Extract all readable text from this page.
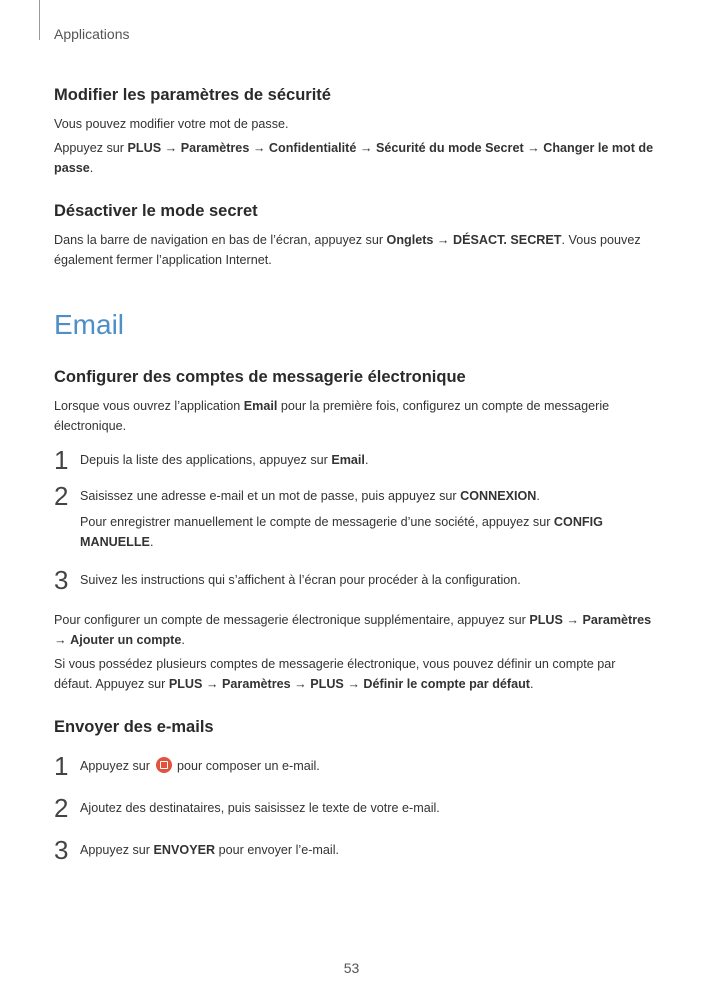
Applications
Modifier les paramètres de sécurité

Vous pouvez modifier votre mot de passe.

Appuyez sur PLUS → Paramètres → Confidentialité → Sécurité du mode Secret → Changer le mot de passe.

Désactiver le mode secret

Dans la barre de navigation en bas de l’écran, appuyez sur Onglets → DÉSACT. SECRET. Vous pouvez également fermer l’application Internet.

Email
Configurer des comptes de messagerie électronique

Lorsque vous ouvrez l’application Email pour la première fois, configurez un compte de messagerie électronique.

1 Depuis la liste des applications, appuyez sur Email.

2 Saisissez une adresse e-mail et un mot de passe, puis appuyez sur CONNEXION.

Pour enregistrer manuellement le compte de messagerie d’une société, appuyez sur CONFIG MANUELLE.

3 Suivez les instructions qui s’affichent à l’écran pour procéder à la configuration.

Pour configurer un compte de messagerie électronique supplémentaire, appuyez sur PLUS → Paramètres → Ajouter un compte.

Si vous possédez plusieurs comptes de messagerie électronique, vous pouvez définir un compte par défaut. Appuyez sur PLUS → Paramètres → PLUS → Définir le compte par défaut.

Envoyer des e-mails
1 Appuyez sur  pour composer un e-mail.

2 Ajoutez des destinataires, puis saisissez le texte de votre e-mail.

3 Appuyez sur ENVOYER pour envoyer l’e-mail.

53
